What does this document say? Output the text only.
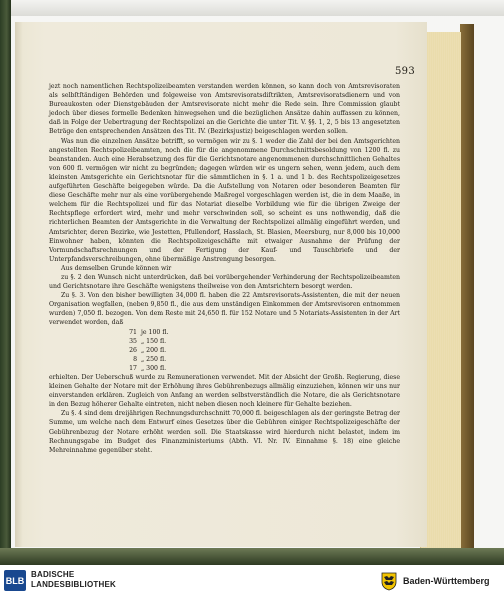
593

jezt noch namentlichen Rechtspolizeibeamten verstanden werden können, so kann doch von Amtsrevisoraten als selbſtſtändigen Behörden und folgeweise von Amtsrevisoratsdiſtrikten, Amtsrevisoratsdienern und von Bureaukosten oder Dienstgebäuden der Amtsrevisorate nicht mehr die Rede sein. Ihre Commission glaubt jedoch über dieses formelle Bedenken hinwegsehen und die bezüglichen Ansätze dahin auffassen zu können, daß in Folge der Uebertragung der Rechtspolizei an die Gerichte die unter Tit. V. §§. 1, 2, 5 bis 13 angesetzten Beträge den entsprechenden Ansätzen des Tit. IV. (Bezirksjustiz) beigeschlagen werden sollen.

Was nun die einzelnen Ansätze betrifft, so vermögen wir zu §. 1 weder die Zahl der bei den Amtsgerichten angestellten Rechtspolizeibeamten, noch die für die angenommene Durchschnittsbesoldung von 1200 fl. zu beanstanden. Auch eine Herabsetzung des für die Gerichtsnotare angenommenen durchschnittlichen Gehaltes von 600 fl. vermögen wir nicht zu begründen; dagegen würden wir es ungern sehen, wenn jedem, auch dem kleinsten Amtsgerichte ein Gerichtsnotar für die sämmtlichen in §. 1 a. und 1 b. des Rechtspolizeigesetzes aufgeführten Geschäfte beigegeben würde. Da die Aufstellung von Notaren oder besonderen Beamten für diese Geschäfte mehr nur als eine vorübergehende Maßregel vorgeschlagen werden ist, die in dem Maaße, in welchem für die Rechtspolizei und für das Notariat dieselbe Vorbildung wie für die übrigen Zweige der Rechtspflege erfordert wird, mehr und mehr verschwinden soll, so scheint es uns nothwendig, daß die richterlichen Beamten der Amtsgerichte in die Verwaltung der Rechtspolizei allmälig eingeführt werden, und Amtsrichter, deren Bezirke, wie Jestetten, Pfullendorf, Hasslach, St. Blasien, Meersburg, nur 8,000 bis 10,000 Einwohner haben, könnten die Rechtspolizeigeschäfte mit etwaiger Ausnahme der Prüfung der Vormundschaftsrechnungen und der Fertigung der Kauf- und Tauschbriefe und der Unterpfandsverschreibungen, ohne übermäßige Anstrengung besorgen.

Aus demselben Grunde können wir

zu §. 2 den Wunsch nicht unterdrücken, daß bei vorübergehender Verhinderung der Rechtspolizeibeamten und Gerichtsnotare ihre Geschäfte wenigstens theilweise von den Amtsrichtern besorgt werden.

Zu §. 3. Von den bisher bewilligten 34,000 fl. haben die 22 Amtsrevisorats-Assistenten, die mit der neuen Organisation wegfallen, (neben 9,850 fl., die aus dem unständigen Einkommen der Amtsrevisoren entnommen wurden) 7,050 fl. bezogen. Von dem Reste mit 24,650 fl. für 152 Notare und 5 Notariats-Assistenten in der Art verwendet worden, daß

71 je 100 fl.
35 „ 150 fl.
26 „ 200 fl.
8 „ 250 fl.
17 „ 300 fl.

erhielten. Der Ueberschuß wurde zu Remunerationen verwendet. Mit der Absicht der Großh. Regierung, diese kleinen Gehalte der Notare mit der Erhöhung ihres Gebührenbezugs allmälig einzuziehen, können wir uns nur einverstanden erklären. Zugleich von Anfang an werden selbstverständlich die Notare, die als Gerichtsnotare in den Bezug höherer Gehalte eintreten, nicht neben diesen noch kleinere für Gehalte beziehen.

Zu §. 4 sind dem dreijährigen Rechnungsdurchschnitt 70,000 fl. beigeschlagen als der geringste Betrag der Summe, um welche nach dem Entwurf eines Gesetzes über die Gebühren einiger Rechtspolizeigeschäfte der Gebührenbezug der Notare erhöht werden soll. Die Staatskasse wird hierdurch nicht belastet, indem im Rechnungsgabe im Budget des Finanzministeriums (Abth. VI. Nr. IV. Einnahme §. 18) eine gleiche Mehreinnahme gegenüber steht.

BLB
BADISCHE
LANDESBIBLIOTHEK	Baden-Württemberg
